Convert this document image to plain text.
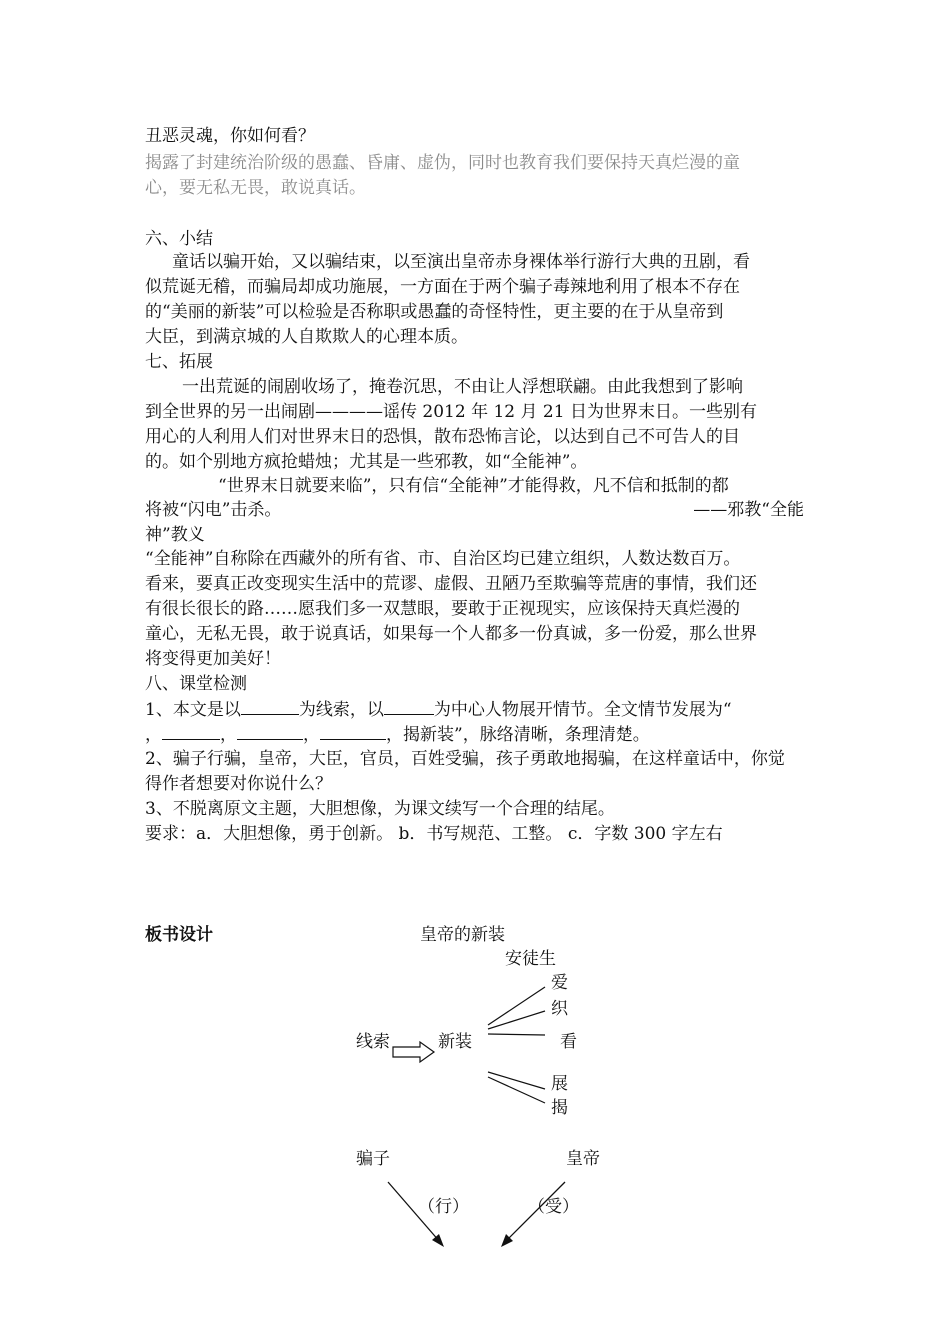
丑恶灵魂，你如何看？
揭露了封建统治阶级的愚蠢、昏庸、虚伪，同时也教育我们要保持天真烂漫的童
心，要无私无畏，敢说真话。
六、小结
童话以骗开始，又以骗结束，以至演出皇帝赤身裸体举行游行大典的丑剧，看
似荒诞无稽，而骗局却成功施展，一方面在于两个骗子毒辣地利用了根本不存在
的“美丽的新装”可以检验是否称职或愚蠢的奇怪特性，更主要的在于从皇帝到
大臣，到满京城的人自欺欺人的心理本质。
七、拓展
一出荒诞的闹剧收场了，掩卷沉思，不由让人浮想联翩。由此我想到了影响
到全世界的另一出闹剧————谣传 2012 年 12 月 21 日为世界末日。一些别有
用心的人利用人们对世界末日的恐惧，散布恐怖言论，以达到自己不可告人的目
的。如个别地方疯抢蜡烛；尤其是一些邪教，如“全能神”。
“世界末日就要来临”，只有信“全能神”才能得救，凡不信和抵制的都
将被“闪电”击杀。	——邪教“全能
神”教义
“全能神”自称除在西藏外的所有省、市、自治区均已建立组织，人数达数百万。
看来，要真正改变现实生活中的荒谬、虚假、丑陋乃至欺骗等荒唐的事情，我们还
有很长很长的路……愿我们多一双慧眼，要敢于正视现实，应该保持天真烂漫的
童心，无私无畏，敢于说真话，如果每一个人都多一份真诚，多一份爱，那么世界
将变得更加美好！
八、课堂检测
1、本文是以	为线索，以	为中心人物展开情节。全文情节发展为“
，	，	，	，揭新装”，脉络清晰，条理清楚。
2、骗子行骗，皇帝，大臣，官员，百姓受骗，孩子勇敢地揭骗，在这样童话中，你觉
得作者想要对你说什么？
3、不脱离原文主题，大胆想像，为课文续写一个合理的结尾。
要求：a．大胆想像，勇于创新。 b．书写规范、工整。 c．字数 300 字左右
板书设计	皇帝的新装
安徒生
爱
织
看
展
揭
线索	新装
骗子	皇帝
（行）	（受）
